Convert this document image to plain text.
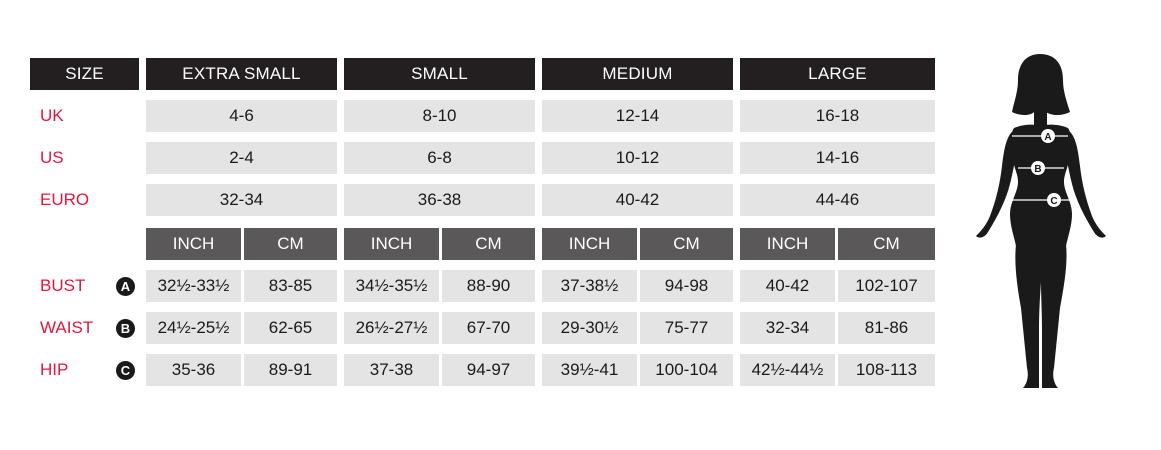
SIZE	EXTRA SMALL	SMALL	MEDIUM	LARGE
UK	4-6	8-10	12-14	16-18
US	2-4	6-8	10-12	14-16
EURO	32-34	36-38	40-42	44-46
INCH	CM	INCH	CM	INCH	CM	INCH	CM
BUST	A	32½-33½	83-85	34½-35½	88-90	37-38½	94-98	40-42	102-107
WAIST	B	24½-25½	62-65	26½-27½	67-70	29-30½	75-77	32-34	81-86
HIP	C	35-36	89-91	37-38	94-97	39½-41	100-104	42½-44½	108-113
A
B
C
